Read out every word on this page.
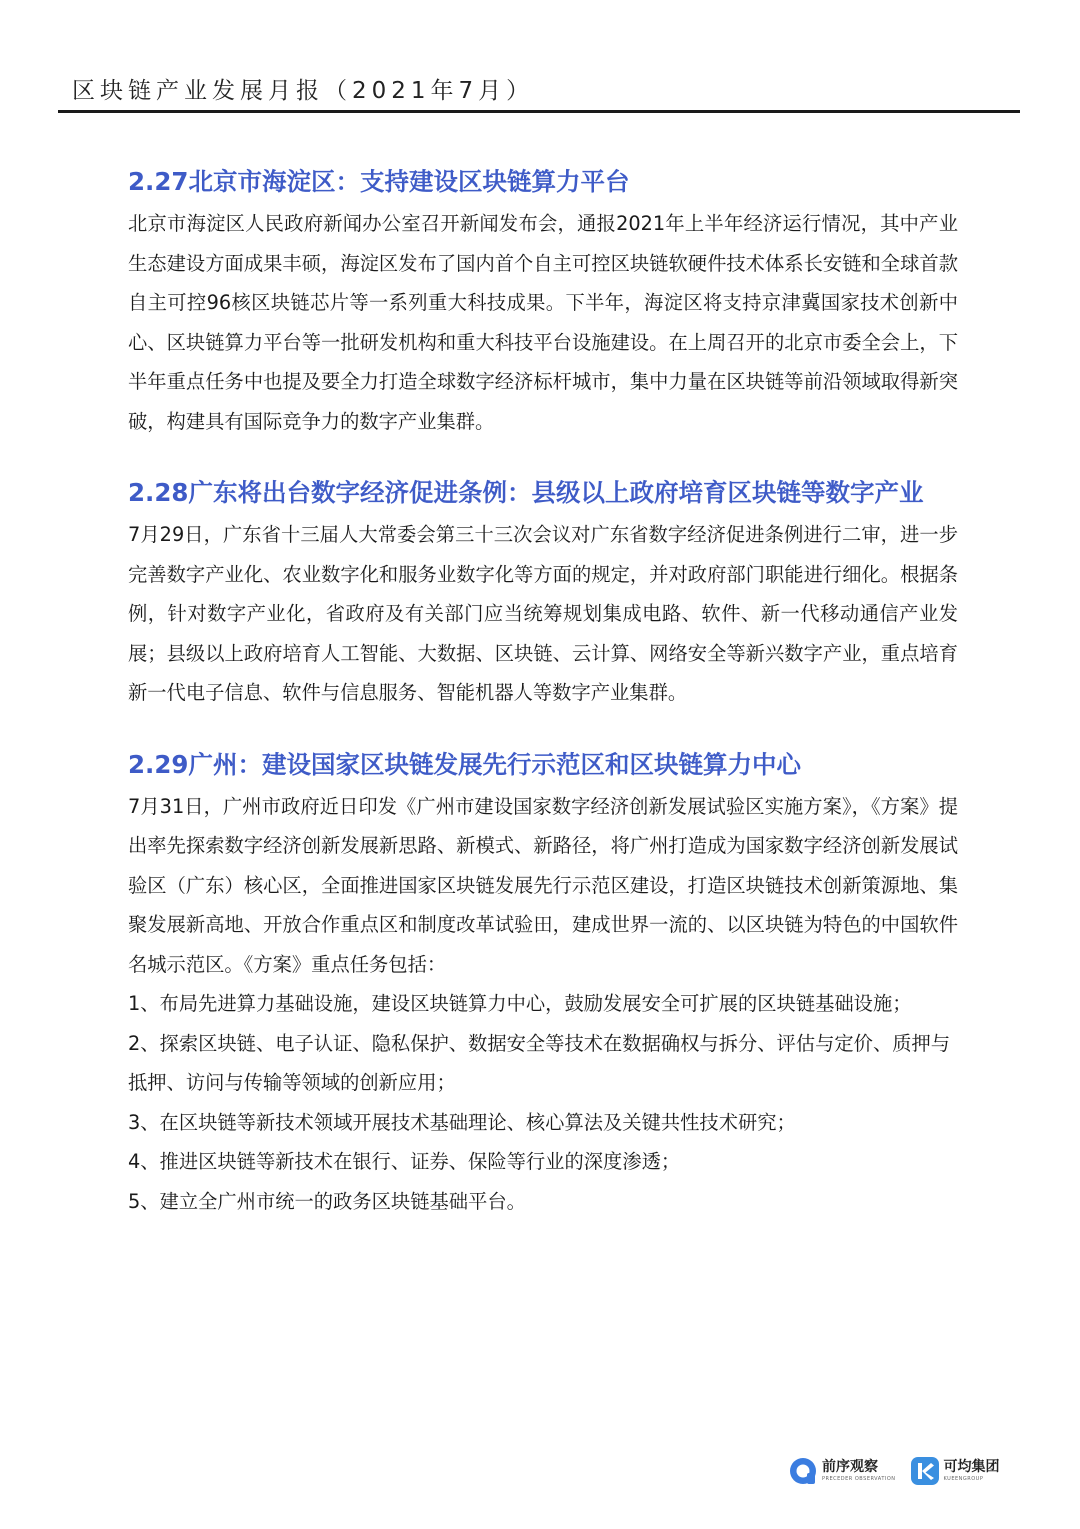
区块链产业发展月报（2021年7月）
2.27北京市海淀区：支持建设区块链算力平台

北京市海淀区人民政府新闻办公室召开新闻发布会，通报2021年上半年经济运行情况，其中产业生态建设方面成果丰硕，海淀区发布了国内首个自主可控区块链软硬件技术体系长安链和全球首款自主可控96核区块链芯片等一系列重大科技成果。下半年，海淀区将支持京津冀国家技术创新中心、区块链算力平台等一批研发机构和重大科技平台设施建设。在上周召开的北京市委全会上，下半年重点任务中也提及要全力打造全球数字经济标杆城市，集中力量在区块链等前沿领域取得新突破，构建具有国际竞争力的数字产业集群。

2.28广东将出台数字经济促进条例：县级以上政府培育区块链等数字产业

7月29日，广东省十三届人大常委会第三十三次会议对广东省数字经济促进条例进行二审，进一步完善数字产业化、农业数字化和服务业数字化等方面的规定，并对政府部门职能进行细化。根据条例，针对数字产业化，省政府及有关部门应当统筹规划集成电路、软件、新一代移动通信产业发展；县级以上政府培育人工智能、大数据、区块链、云计算、网络安全等新兴数字产业，重点培育新一代电子信息、软件与信息服务、智能机器人等数字产业集群。

2.29广州：建设国家区块链发展先行示范区和区块链算力中心

7月31日，广州市政府近日印发《广州市建设国家数字经济创新发展试验区实施方案》，《方案》提出率先探索数字经济创新发展新思路、新模式、新路径，将广州打造成为国家数字经济创新发展试验区（广东）核心区，全面推进国家区块链发展先行示范区建设，打造区块链技术创新策源地、集聚发展新高地、开放合作重点区和制度改革试验田，建成世界一流的、以区块链为特色的中国软件名城示范区。《方案》重点任务包括：

1、布局先进算力基础设施，建设区块链算力中心，鼓励发展安全可扩展的区块链基础设施；

2、探索区块链、电子认证、隐私保护、数据安全等技术在数据确权与拆分、评估与定价、质押与抵押、访问与传输等领域的创新应用；

3、在区块链等新技术领域开展技术基础理论、核心算法及关键共性技术研究；

4、推进区块链等新技术在银行、证券、保险等行业的深度渗透；

5、建立全广州市统一的政务区块链基础平台。

前序观察
PRECEDER OBSERVATION
可均集团
KUEENGROUP
